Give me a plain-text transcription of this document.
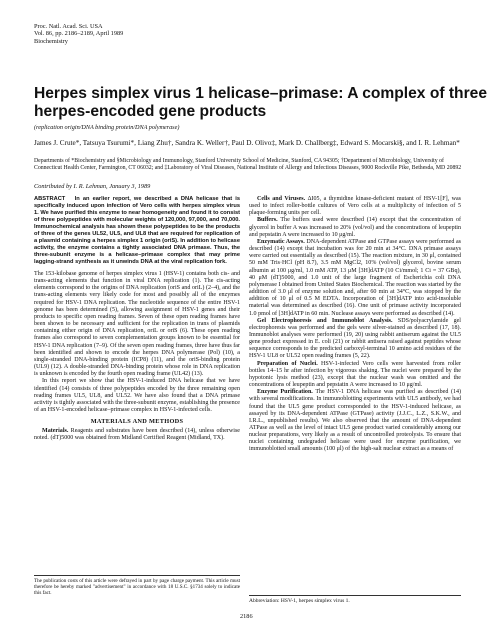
Proc. Natl. Acad. Sci. USA
Vol. 86, pp. 2186–2189, April 1989
Biochemistry
Herpes simplex virus 1 helicase–primase: A complex of three
herpes-encoded gene products
(replication origin/DNA binding protein/DNA polymerase)
James J. Crute*, Tatsuya Tsurumi*, Liang Zhu†, Sandra K. Weller†, Paul D. Olivo‡, Mark D. Challberg‡, Edward S. Mocarski§, and I. R. Lehman*
Departments of *Biochemistry and §Microbiology and Immunology, Stanford University School of Medicine, Stanford, CA 94305; †Department of Microbiology, University of Connecticut Health Center, Farmington, CT 06032; and ‡Laboratory of Viral Diseases, National Institute of Allergy and Infectious Diseases, 9000 Rockville Pike, Bethesda, MD 20892
Contributed by I. R. Lehman, January 3, 1989

ABSTRACT In an earlier report, we described a DNA helicase that is specifically induced upon infection of Vero cells with herpes simplex virus 1. We have purified this enzyme to near homogeneity and found it to consist of three polypeptides with molecular weights of 120,000, 97,000, and 70,000. Immunochemical analysis has shown these polypeptides to be the products of three of the genes UL52, UL5, and UL8 that are required for replication of a plasmid containing a herpes simplex 1 origin (oriS). In addition to helicase activity, the enzyme contains a tightly associated DNA primase. Thus, the three-subunit enzyme is a helicase–primase complex that may prime lagging-strand synthesis as it unwinds DNA at the viral replication fork.

The 153-kilobase genome of herpes simplex virus 1 (HSV-1) contains both cis- and trans-acting elements that function in viral DNA replication (1). The cis-acting elements correspond to the origins of DNA replication (oriS and oriL) (2–4), and the trans-acting elements very likely code for most and possibly all of the enzymes required for HSV-1 DNA replication. The nucleotide sequence of the entire HSV-1 genome has been determined (5), allowing assignment of HSV-1 genes and their products to specific open reading frames. Seven of these open reading frames have been shown to be necessary and sufficient for the replication in trans of plasmids containing either origin of DNA replication, oriL or oriS (6). These open reading frames also correspond to seven complementation groups known to be essential for HSV-1 DNA replication (7–9). Of the seven open reading frames, three have thus far been identified and shown to encode the herpes DNA polymerase (Pol) (10), a single-stranded DNA-binding protein (ICP8) (11), and the oriS-binding protein (UL9) (12). A double-stranded DNA-binding protein whose role in DNA replication is unknown is encoded by the fourth open reading frame (UL42) (13).

In this report we show that the HSV-1-induced DNA helicase that we have identified (14) consists of three polypeptides encoded by the three remaining open reading frames UL5, UL8, and UL52. We have also found that a DNA primase activity is tightly associated with the three-subunit enzyme, establishing the presence of an HSV-1-encoded helicase–primase complex in HSV-1-infected cells.

MATERIALS AND METHODS

Materials. Reagents and substrates have been described (14), unless otherwise noted. (dT)5000 was obtained from Midland Certified Reagent (Midland, TX).

The publication costs of this article were defrayed in part by page charge payment. This article must therefore be hereby marked "advertisement" in accordance with 18 U.S.C. §1734 solely to indicate this fact.

Cells and Viruses. ΔI05, a thymidine kinase-deficient mutant of HSV-1[F], was used to infect roller-bottle cultures of Vero cells at a multiplicity of infection of 5 plaque-forming units per cell.

Buffers. The buffers used were described (14) except that the concentration of glycerol in buffer A was increased to 20% (vol/vol) and the concentrations of leupeptin and pepstatin A were increased to 10 μg/ml.

Enzymatic Assays. DNA-dependent ATPase and GTPase assays were performed as described (14) except that incubation was for 20 min at 34°C. DNA primase assays were carried out essentially as described (15). The reaction mixture, in 30 μl, contained 50 mM Tris·HCl (pH 8.7), 3.5 mM MgCl2, 10% (vol/vol) glycerol, bovine serum albumin at 100 μg/ml, 1.0 mM ATP, 13 μM [3H]dATP (10 Ci/mmol; 1 Ci = 37 GBq), 40 μM (dT)5000, and 1.0 unit of the large fragment of Escherichia coli DNA polymerase I obtained from United States Biochemical. The reaction was started by the addition of 3.0 μl of enzyme solution and, after 60 min at 34°C, was stopped by the addition of 10 μl of 0.5 M EDTA. Incorporation of [3H]dATP into acid-insoluble material was determined as described (16). One unit of primase activity incorporated 1.0 pmol of [3H]dATP in 60 min. Nuclease assays were performed as described (14).

Gel Electrophoresis and Immunoblot Analysis. SDS/polyacrylamide gel electrophoresis was performed and the gels were silver-stained as described (17, 18). Immunoblot analyses were performed (19, 20) using rabbit antiserum against the UL5 gene product expressed in E. coli (21) or rabbit antisera raised against peptides whose sequence corresponds to the predicted carboxyl-terminal 10 amino acid residues of the HSV-1 UL8 or UL52 open reading frames (5, 22).

Preparation of Nuclei. HSV-1-infected Vero cells were harvested from roller bottles 14–15 hr after infection by vigorous shaking. The nuclei were prepared by the hypotonic lysis method (23), except that the nuclear wash was omitted and the concentrations of leupeptin and pepstatin A were increased to 10 μg/ml.

Enzyme Purification. The HSV-1 DNA helicase was purified as described (14) with several modifications. In immunoblotting experiments with UL5 antibody, we had found that the UL5 gene product corresponded to the HSV-1-induced helicase, as assayed by its DNA-dependent ATPase (GTPase) activity (J.J.C., L.Z., S.K.W., and I.R.L., unpublished results). We also observed that the amount of DNA-dependent ATPase as well as the level of intact UL5 gene product varied considerably among our nuclear preparations, very likely as a result of uncontrolled proteolysis. To ensure that nuclei containing undegraded helicase were used for enzyme purification, we immunoblotted small amounts (100 μl) of the high-salt nuclear extract as a means of

Abbreviation: HSV-1, herpes simplex virus 1.
2186
